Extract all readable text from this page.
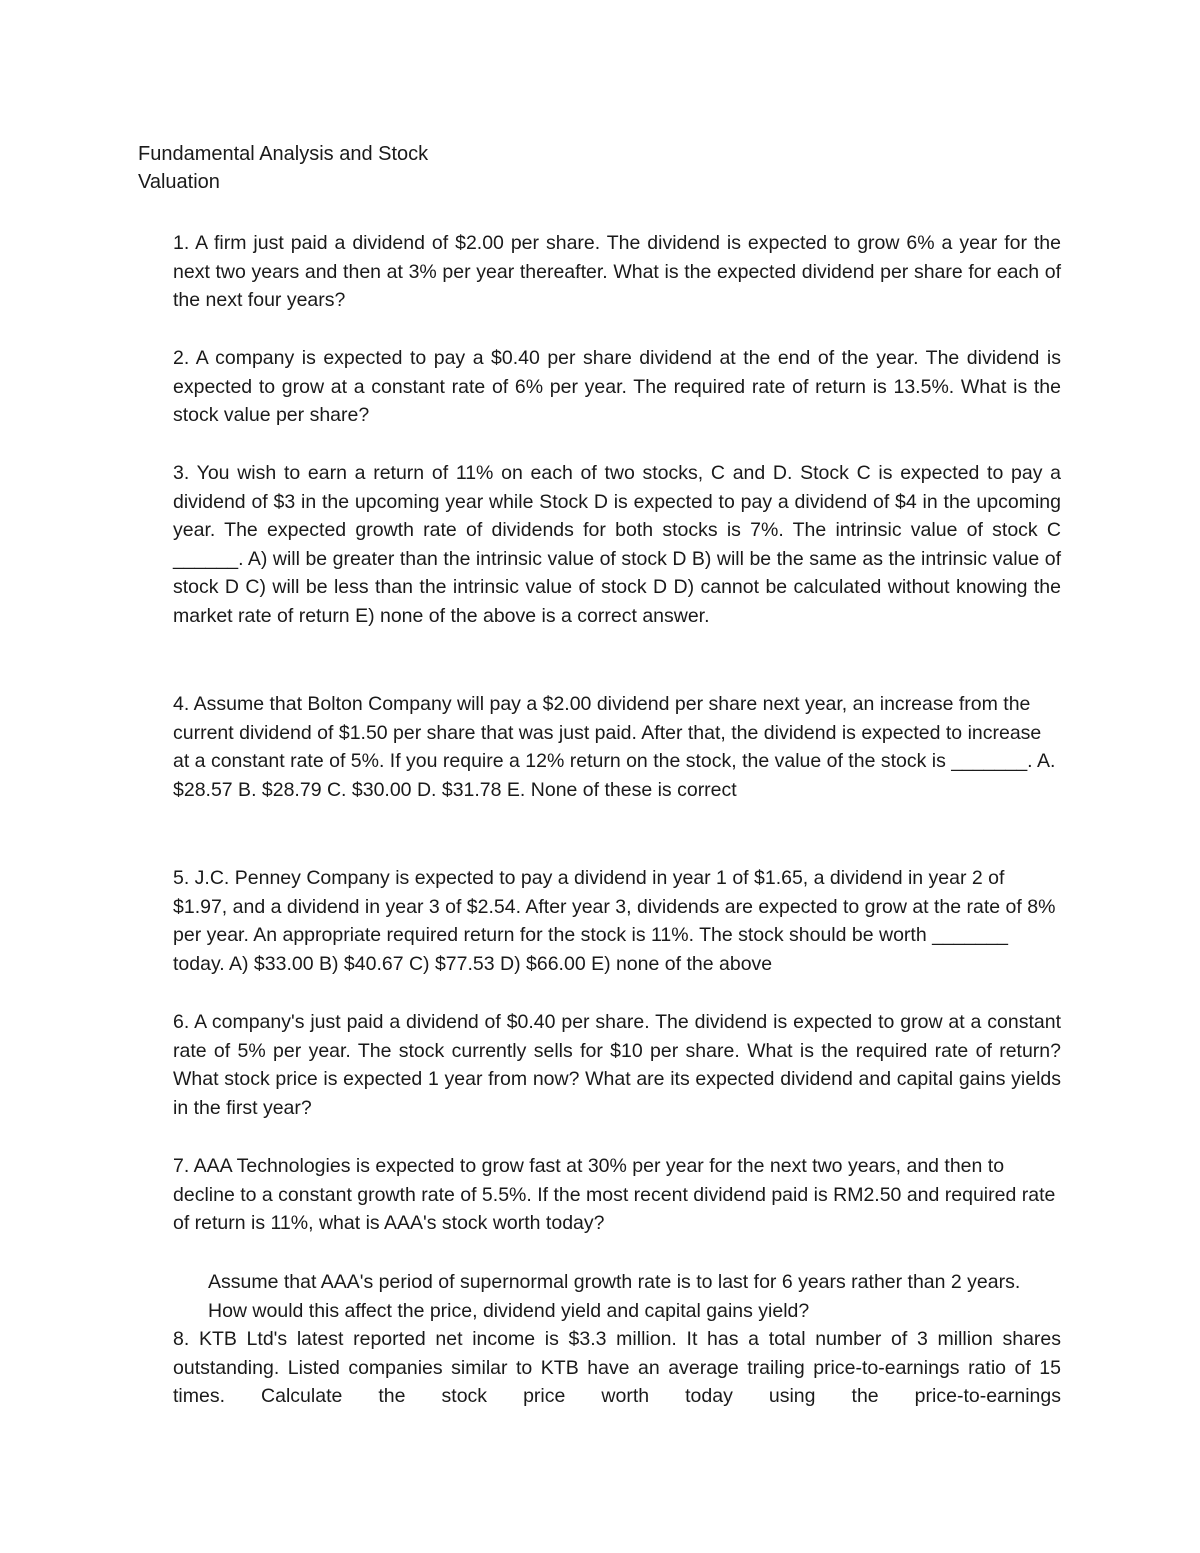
Fundamental Analysis and Stock
Valuation

1. A firm just paid a dividend of $2.00 per share. The dividend is expected to grow 6% a year for the next two years and then at 3% per year thereafter. What is the expected dividend per share for each of the next four years?

2. A company is expected to pay a $0.40 per share dividend at the end of the year. The dividend is expected to grow at a constant rate of 6% per year. The required rate of return is 13.5%. What is the stock value per share?

3. You wish to earn a return of 11% on each of two stocks, C and D. Stock C is expected to pay a dividend of $3 in the upcoming year while Stock D is expected to pay a dividend of $4 in the upcoming year. The expected growth rate of dividends for both stocks is 7%. The intrinsic value of stock C ______. A) will be greater than the intrinsic value of stock D B) will be the same as the intrinsic value of stock D C) will be less than the intrinsic value of stock D D) cannot be calculated without knowing the market rate of return E) none of the above is a correct answer.

4. Assume that Bolton Company will pay a $2.00 dividend per share next year, an increase from the current dividend of $1.50 per share that was just paid. After that, the dividend is expected to increase at a constant rate of 5%. If you require a 12% return on the stock, the value of the stock is _______. A. $28.57 B. $28.79 C. $30.00 D. $31.78 E. None of these is correct

5. J.C. Penney Company is expected to pay a dividend in year 1 of $1.65, a dividend in year 2 of $1.97, and a dividend in year 3 of $2.54. After year 3, dividends are expected to grow at the rate of 8% per year. An appropriate required return for the stock is 11%. The stock should be worth _______ today. A) $33.00 B) $40.67 C) $77.53 D) $66.00 E) none of the above

6. A company's just paid a dividend of $0.40 per share. The dividend is expected to grow at a constant rate of 5% per year. The stock currently sells for $10 per share. What is the required rate of return? What stock price is expected 1 year from now? What are its expected dividend and capital gains yields in the first year?

7. AAA Technologies is expected to grow fast at 30% per year for the next two years, and then to decline to a constant growth rate of 5.5%. If the most recent dividend paid is RM2.50 and required rate of return is 11%, what is AAA's stock worth today?

Assume that AAA's period of supernormal growth rate is to last for 6 years rather than 2 years. How would this affect the price, dividend yield and capital gains yield?

8. KTB Ltd's latest reported net income is $3.3 million. It has a total number of 3 million shares outstanding. Listed companies similar to KTB have an average trailing price-to-earnings ratio of 15 times. Calculate the stock price worth today using the price-to-earnings
